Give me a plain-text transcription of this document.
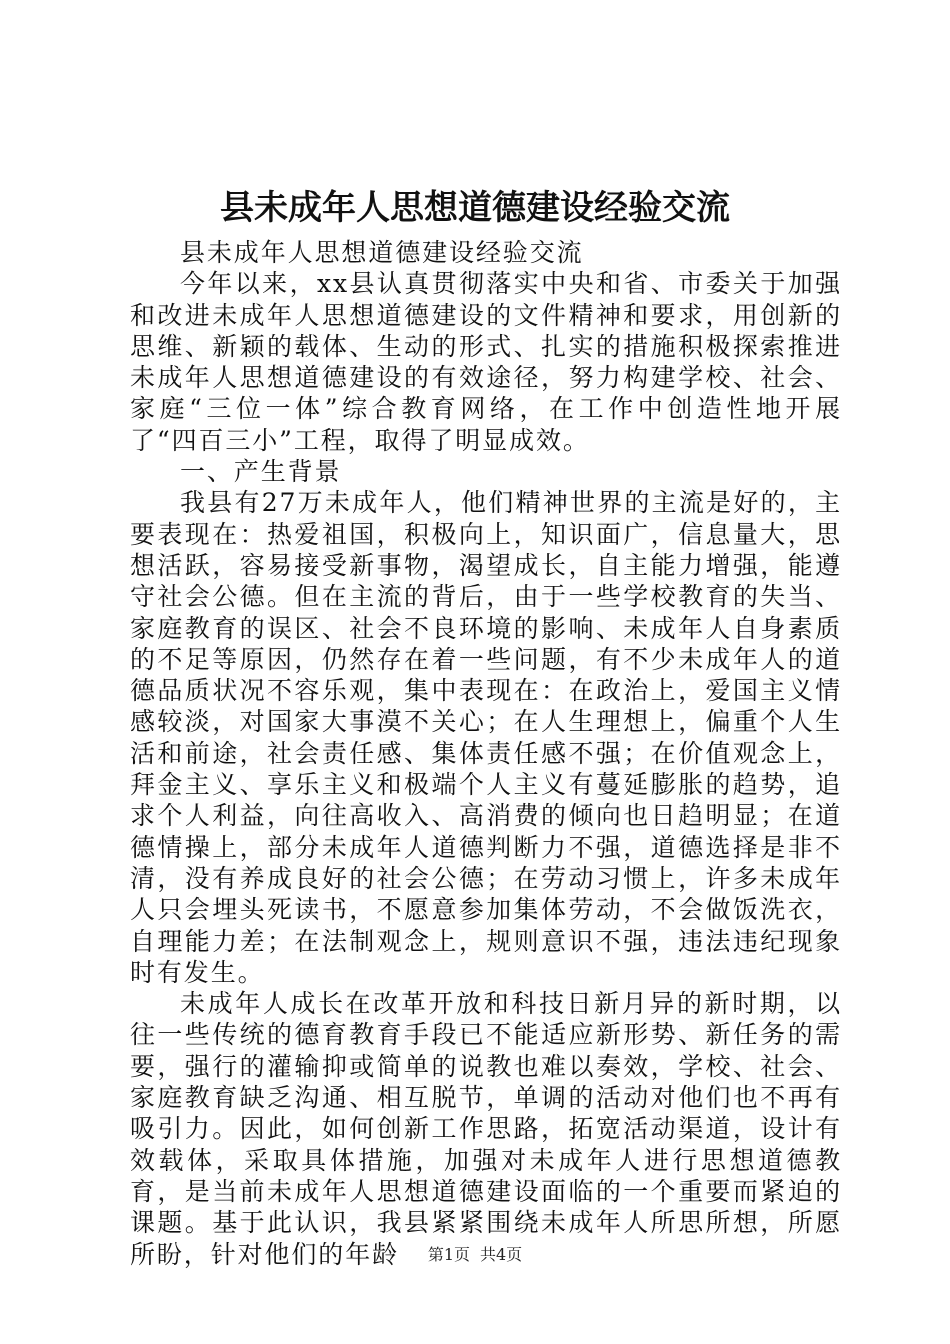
县未成年人思想道德建设经验交流

县未成年人思想道德建设经验交流

今年以来，xx县认真贯彻落实中央和省、市委关于加强和改进未成年人思想道德建设的文件精神和要求，用创新的思维、新颖的载体、生动的形式、扎实的措施积极探索推进未成年人思想道德建设的有效途径，努力构建学校、社会、家庭“三位一体”综合教育网络，在工作中创造性地开展了“四百三小”工程，取得了明显成效。

一、产生背景

我县有27万未成年人，他们精神世界的主流是好的，主要表现在：热爱祖国，积极向上，知识面广，信息量大，思想活跃，容易接受新事物，渴望成长，自主能力增强，能遵守社会公德。但在主流的背后，由于一些学校教育的失当、家庭教育的误区、社会不良环境的影响、未成年人自身素质的不足等原因，仍然存在着一些问题，有不少未成年人的道德品质状况不容乐观，集中表现在：在政治上，爱国主义情感较淡，对国家大事漠不关心；在人生理想上，偏重个人生活和前途，社会责任感、集体责任感不强；在价值观念上，拜金主义、享乐主义和极端个人主义有蔓延膨胀的趋势，追求个人利益，向往高收入、高消费的倾向也日趋明显；在道德情操上，部分未成年人道德判断力不强，道德选择是非不清，没有养成良好的社会公德；在劳动习惯上，许多未成年人只会埋头死读书，不愿意参加集体劳动，不会做饭洗衣，自理能力差；在法制观念上，规则意识不强，违法违纪现象时有发生。

未成年人成长在改革开放和科技日新月异的新时期，以往一些传统的德育教育手段已不能适应新形势、新任务的需要，强行的灌输抑或简单的说教也难以奏效，学校、社会、家庭教育缺乏沟通、相互脱节，单调的活动对他们也不再有吸引力。因此，如何创新工作思路，拓宽活动渠道，设计有效载体，采取具体措施，加强对未成年人进行思想道德教育，是当前未成年人思想道德建设面临的一个重要而紧迫的课题。基于此认识，我县紧紧围绕未成年人所思所想，所愿所盼，针对他们的年龄	第1页 共4页
